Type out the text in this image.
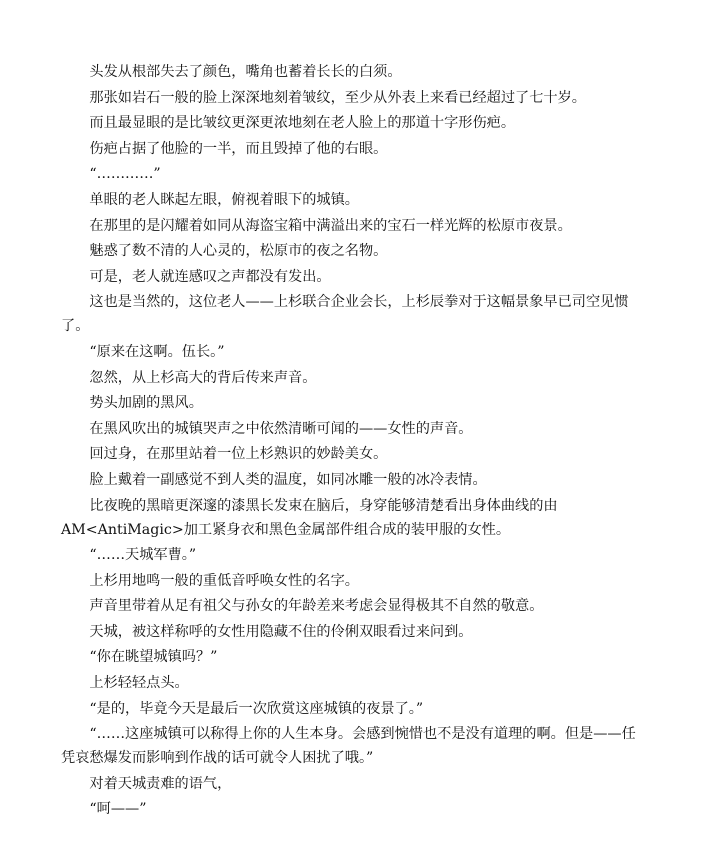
头发从根部失去了颜色，嘴角也蓄着长长的白须。

那张如岩石一般的脸上深深地刻着皱纹，至少从外表上来看已经超过了七十岁。

而且最显眼的是比皱纹更深更浓地刻在老人脸上的那道十字形伤疤。

伤疤占据了他脸的一半，而且毁掉了他的右眼。

“…………”

单眼的老人眯起左眼，俯视着眼下的城镇。

在那里的是闪耀着如同从海盗宝箱中满溢出来的宝石一样光辉的松原市夜景。

魅惑了数不清的人心灵的，松原市的夜之名物。

可是，老人就连感叹之声都没有发出。

这也是当然的，这位老人——上杉联合企业会长，上杉辰拳对于这幅景象早已司空见惯了。

“原来在这啊。伍长。”

忽然，从上杉高大的背后传来声音。

势头加剧的黑风。

在黑风吹出的城镇哭声之中依然清晰可闻的——女性的声音。

回过身，在那里站着一位上杉熟识的妙龄美女。

脸上戴着一副感觉不到人类的温度，如同冰雕一般的冰冷表情。

比夜晚的黑暗更深邃的漆黑长发束在脑后，身穿能够清楚看出身体曲线的由AM<AntiMagic>加工紧身衣和黑色金属部件组合成的装甲服的女性。

“……天城军曹。”

上杉用地鸣一般的重低音呼唤女性的名字。

声音里带着从足有祖父与孙女的年龄差来考虑会显得极其不自然的敬意。

天城，被这样称呼的女性用隐藏不住的伶俐双眼看过来问到。

“你在眺望城镇吗？”

上杉轻轻点头。

“是的，毕竟今天是最后一次欣赏这座城镇的夜景了。”

“……这座城镇可以称得上你的人生本身。会感到惋惜也不是没有道理的啊。但是——任凭哀愁爆发而影响到作战的话可就令人困扰了哦。”

对着天城责难的语气，

“呵——”
